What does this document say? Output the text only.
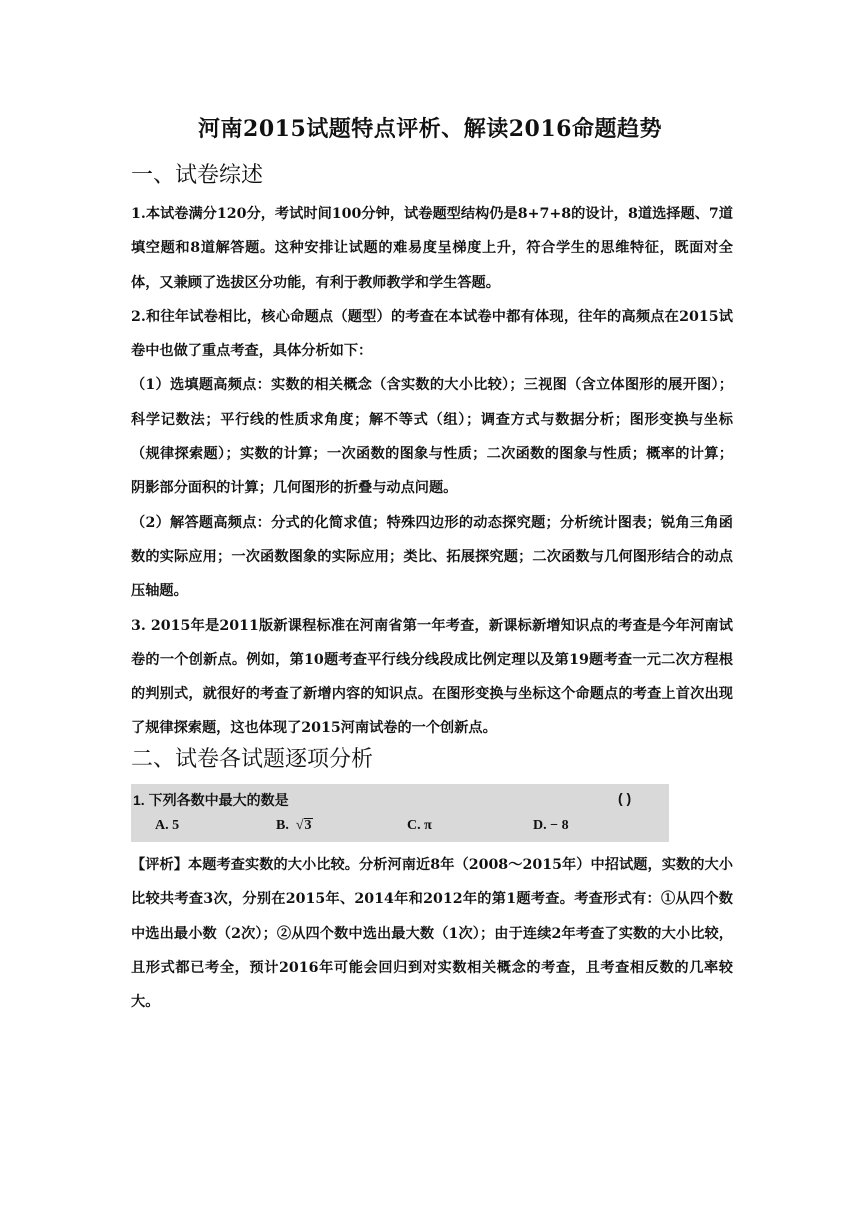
河南2015试题特点评析、解读2016命题趋势
一、试卷综述

1.本试卷满分120分，考试时间100分钟，试卷题型结构仍是8+7+8的设计，8道选择题、7道填空题和8道解答题。这种安排让试题的难易度呈梯度上升，符合学生的思维特征，既面对全体，又兼顾了选拔区分功能，有利于教师教学和学生答题。

2.和往年试卷相比，核心命题点（题型）的考查在本试卷中都有体现，往年的高频点在2015试卷中也做了重点考查，具体分析如下：

（1）选填题高频点：实数的相关概念（含实数的大小比较）；三视图（含立体图形的展开图）；科学记数法；平行线的性质求角度；解不等式（组）；调查方式与数据分析；图形变换与坐标（规律探索题）；实数的计算；一次函数的图象与性质；二次函数的图象与性质；概率的计算；阴影部分面积的计算；几何图形的折叠与动点问题。

（2）解答题高频点：分式的化简求值；特殊四边形的动态探究题；分析统计图表；锐角三角函数的实际应用；一次函数图象的实际应用；类比、拓展探究题；二次函数与几何图形结合的动点压轴题。

3. 2015年是2011版新课程标准在河南省第一年考查，新课标新增知识点的考查是今年河南试卷的一个创新点。例如，第10题考查平行线分线段成比例定理以及第19题考查一元二次方程根的判别式，就很好的考查了新增内容的知识点。在图形变换与坐标这个命题点的考查上首次出现了规律探索题，这也体现了2015河南试卷的一个创新点。

二、试卷各试题逐项分析
1. 下列各数中最大的数是	( )
A. 5	B.  √3	C. π	D. − 8

【评析】本题考查实数的大小比较。分析河南近8年（2008～2015年）中招试题，实数的大小比较共考查3次，分别在2015年、2014年和2012年的第1题考查。考查形式有：①从四个数中选出最小数（2次）；②从四个数中选出最大数（1次）；由于连续2年考查了实数的大小比较，且形式都已考全，预计2016年可能会回归到对实数相关概念的考查，且考查相反数的几率较大。
